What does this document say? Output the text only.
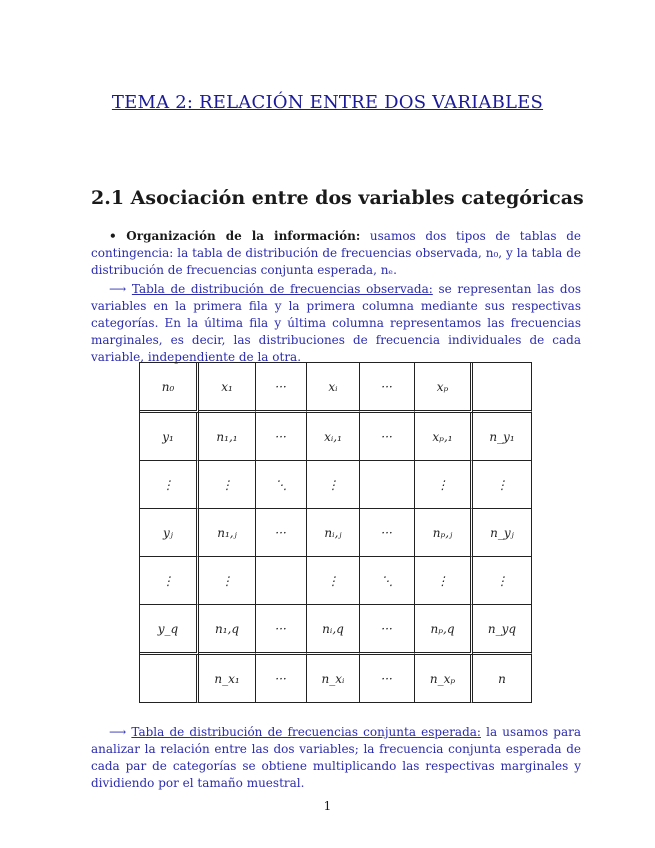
TEMA 2: RELACIÓN ENTRE DOS VARIABLES
2.1 Asociación entre dos variables categóricas
• Organización de la información: usamos dos tipos de tablas de contingencia: la tabla de distribución de frecuencias observada, n₀, y la tabla de distribución de frecuencias conjunta esperada, nₑ.
⟶ Tabla de distribución de frecuencias observada: se representan las dos variables en la primera fila y la primera columna mediante sus respectivas categorías. En la última fila y última columna representamos las frecuencias marginales, es decir, las distribuciones de frecuencia individuales de cada variable, independiente de la otra.
n₀	x₁	···	xᵢ	···	xₚ	
y₁	n₁,₁	···	xᵢ,₁	···	xₚ,₁	n_y₁
⋮	⋮	⋱	⋮		⋮	⋮
yⱼ	n₁,ⱼ	···	nᵢ,ⱼ	···	nₚ,ⱼ	n_yⱼ
⋮	⋮		⋮	⋱	⋮	⋮
y_q	n₁,q	···	nᵢ,q	···	nₚ,q	n_yq
	n_x₁	···	n_xᵢ	···	n_xₚ	n
⟶ Tabla de distribución de frecuencias conjunta esperada: la usamos para analizar la relación entre las dos variables; la frecuencia conjunta esperada de cada par de categorías se obtiene multiplicando las respectivas marginales y dividiendo por el tamaño muestral.
1
